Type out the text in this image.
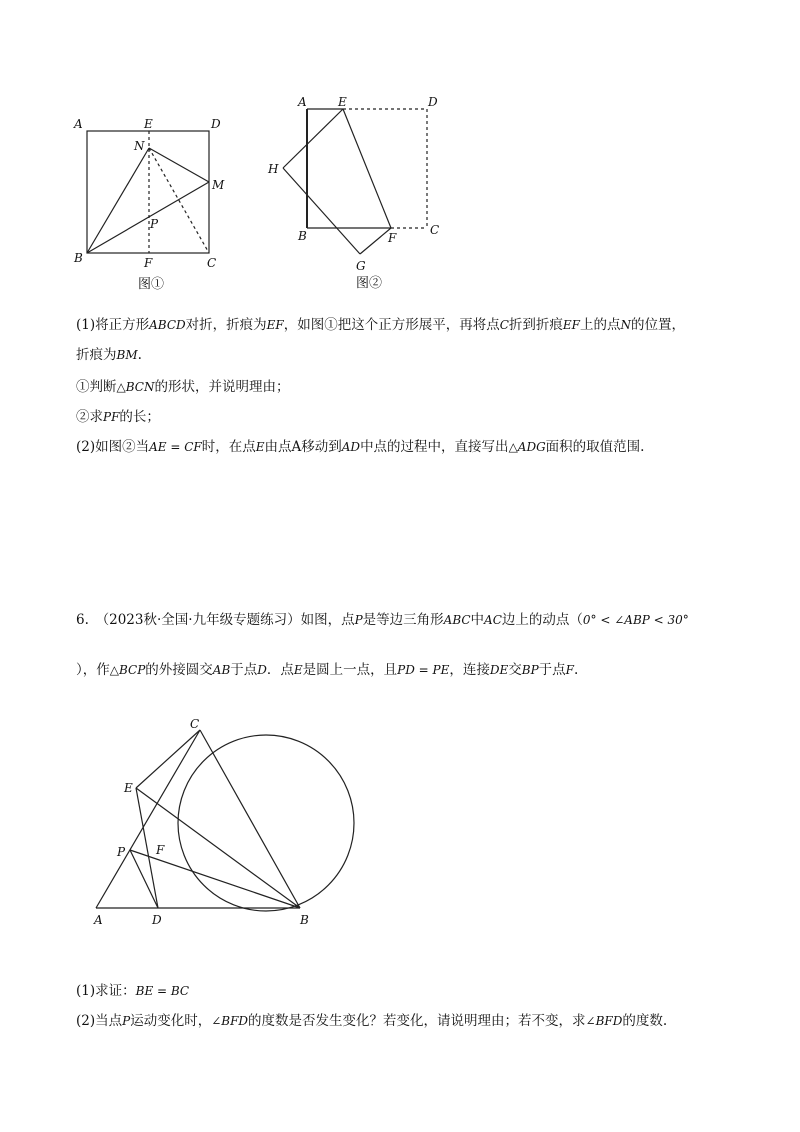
A	E	D
N
M
P
B	F	C
图①
A	E	D
H
B	F
C
G
图②
(1)将正方形ABCD对折，折痕为EF，如图①把这个正方形展平，再将点C折到折痕EF上的点N的位置，
折痕为BM.
①判断△BCN的形状，并说明理由；
②求PF的长；
(2)如图②当AE = CF时，在点E由点A移动到AD中点的过程中，直接写出△ADG面积的取值范围.
6.　（2023秋·全国·九年级专题练习）如图，点P是等边三角形ABC中AC边上的动点（0° < ∠ABP < 30°
），作△BCP的外接圆交AB于点D．点E是圆上一点，且PD = PE，连接DE交BP于点F.
C
E
P	F
A	D	B
(1)求证：BE = BC
(2)当点P运动变化时，∠BFD的度数是否发生变化？若变化，请说明理由；若不变，求∠BFD的度数.
